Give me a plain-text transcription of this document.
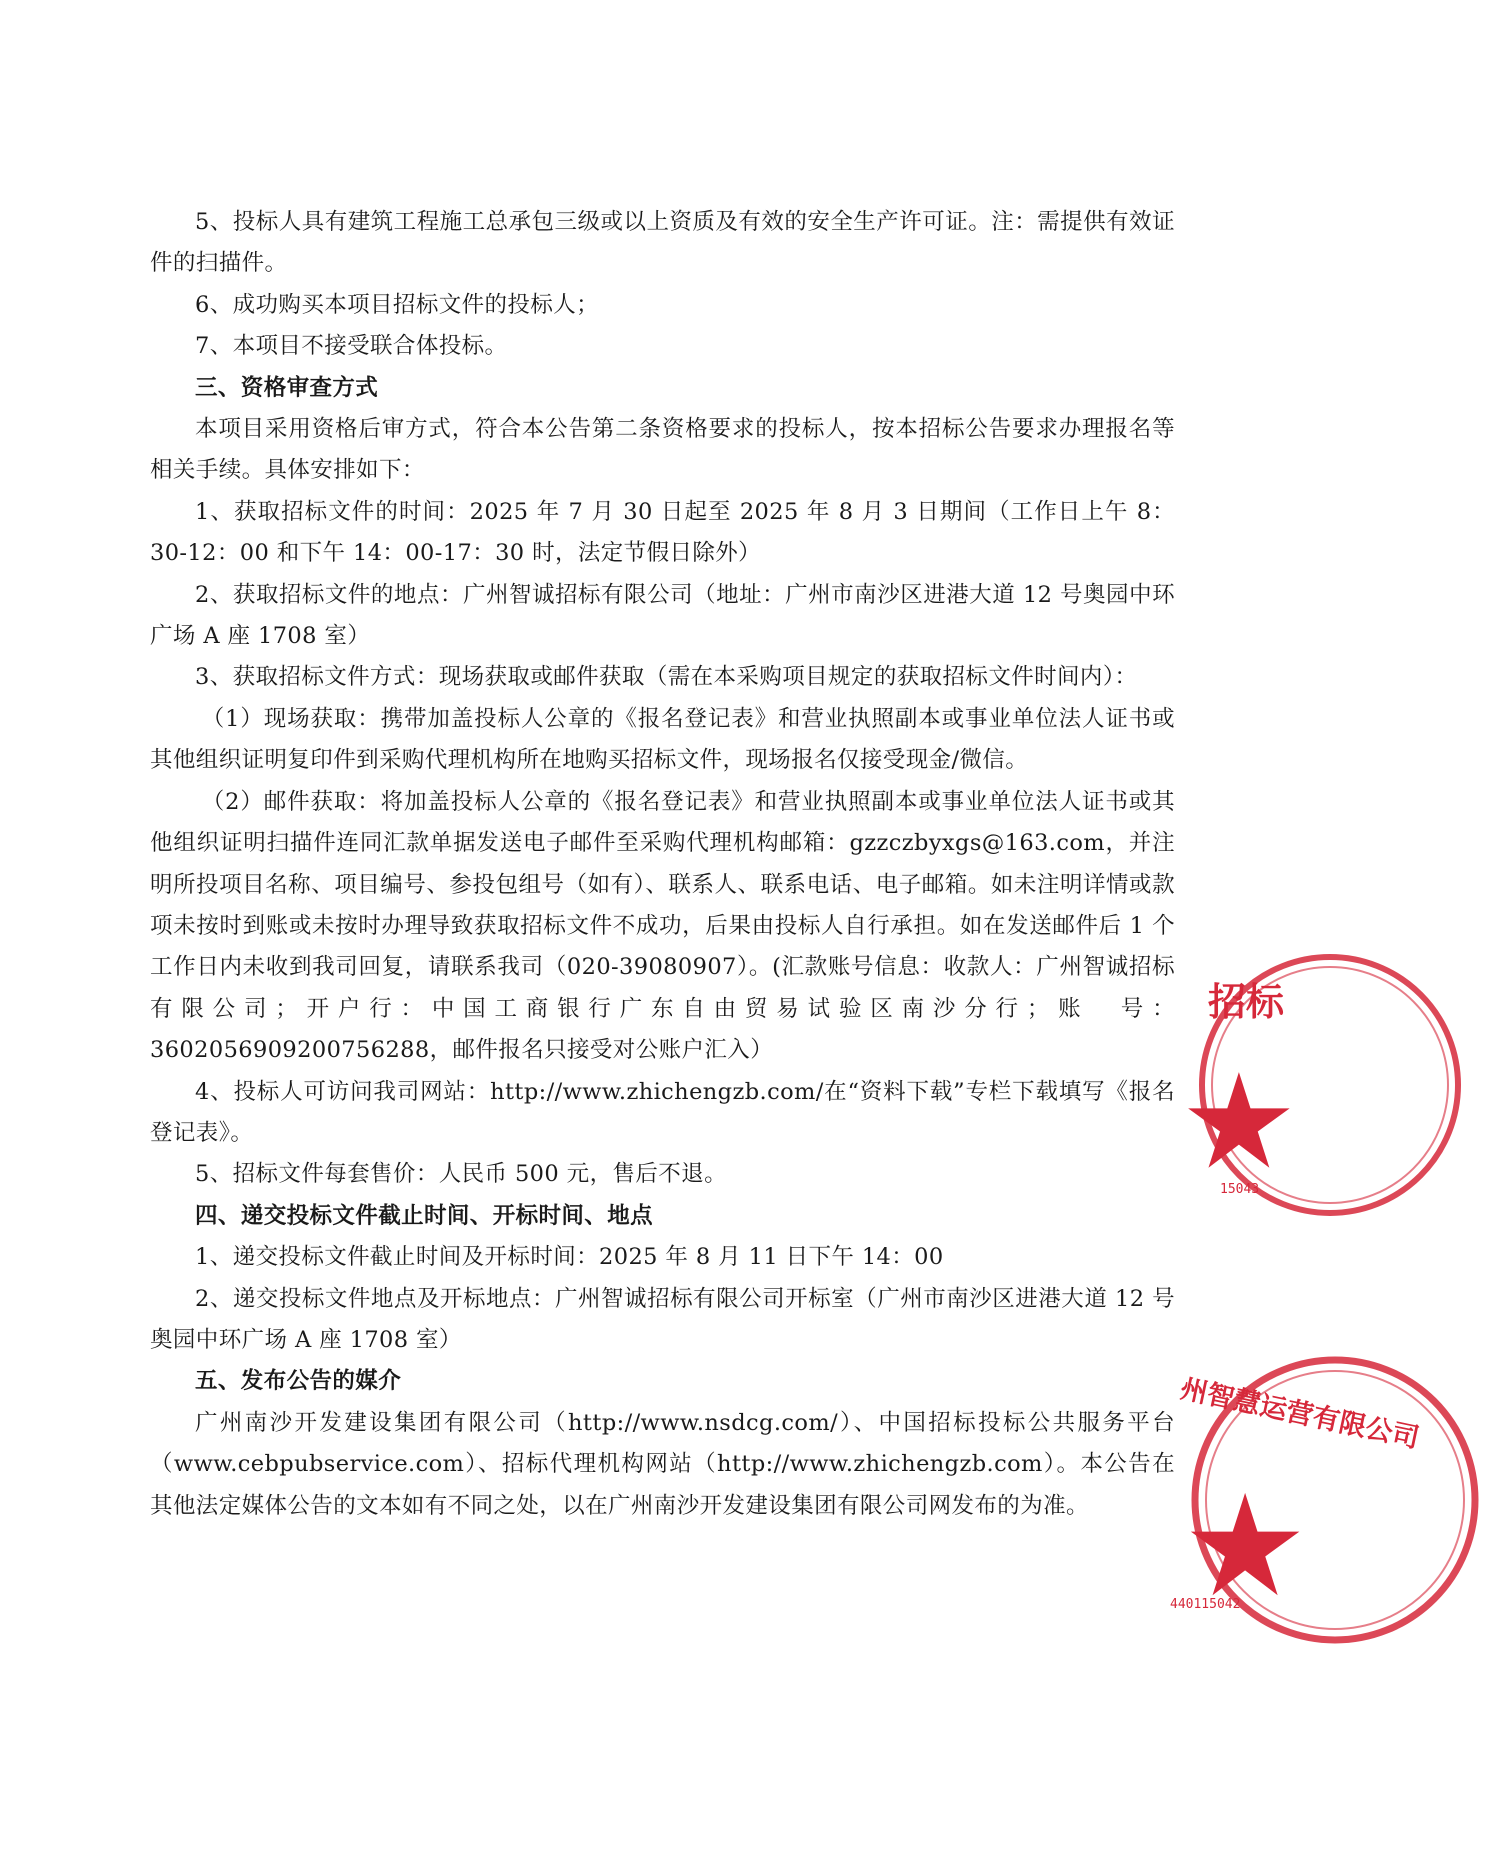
5、投标人具有建筑工程施工总承包三级或以上资质及有效的安全生产许可证。注：需提供有效证件的扫描件。

6、成功购买本项目招标文件的投标人；

7、本项目不接受联合体投标。

三、资格审查方式

本项目采用资格后审方式，符合本公告第二条资格要求的投标人，按本招标公告要求办理报名等相关手续。具体安排如下：

1、获取招标文件的时间：2025 年 7 月 30 日起至 2025 年 8 月 3 日期间（工作日上午 8：30-12：00 和下午 14：00-17：30 时，法定节假日除外）

2、获取招标文件的地点：广州智诚招标有限公司（地址：广州市南沙区进港大道 12 号奥园中环广场 A 座 1708 室）

3、获取招标文件方式：现场获取或邮件获取（需在本采购项目规定的获取招标文件时间内）：

（1）现场获取：携带加盖投标人公章的《报名登记表》和营业执照副本或事业单位法人证书或其他组织证明复印件到采购代理机构所在地购买招标文件，现场报名仅接受现金/微信。

（2）邮件获取：将加盖投标人公章的《报名登记表》和营业执照副本或事业单位法人证书或其他组织证明扫描件连同汇款单据发送电子邮件至采购代理机构邮箱：gzzczbyxgs@163.com，并注明所投项目名称、项目编号、参投包组号（如有）、联系人、联系电话、电子邮箱。如未注明详情或款项未按时到账或未按时办理导致获取招标文件不成功，后果由投标人自行承担。如在发送邮件后 1 个工作日内未收到我司回复，请联系我司（020-39080907）。(汇款账号信息：收款人：广州智诚招标有限公司；开户行：中国工商银行广东自由贸易试验区南沙分行；账　号：3602056909200756288，邮件报名只接受对公账户汇入）

4、投标人可访问我司网站：http://www.zhichengzb.com/在“资料下载”专栏下载填写《报名登记表》。

5、招标文件每套售价：人民币 500 元，售后不退。

四、递交投标文件截止时间、开标时间、地点

1、递交投标文件截止时间及开标时间：2025 年 8 月 11 日下午 14：00

2、递交投标文件地点及开标地点：广州智诚招标有限公司开标室（广州市南沙区进港大道 12 号奥园中环广场 A 座 1708 室）

五、发布公告的媒介

广州南沙开发建设集团有限公司（http://www.nsdcg.com/）、中国招标投标公共服务平台（www.cebpubservice.com）、招标代理机构网站（http://www.zhichengzb.com）。本公告在其他法定媒体公告的文本如有不同之处，以在广州南沙开发建设集团有限公司网发布的为准。

招标
15043
州智慧运营有限公司
440115042
